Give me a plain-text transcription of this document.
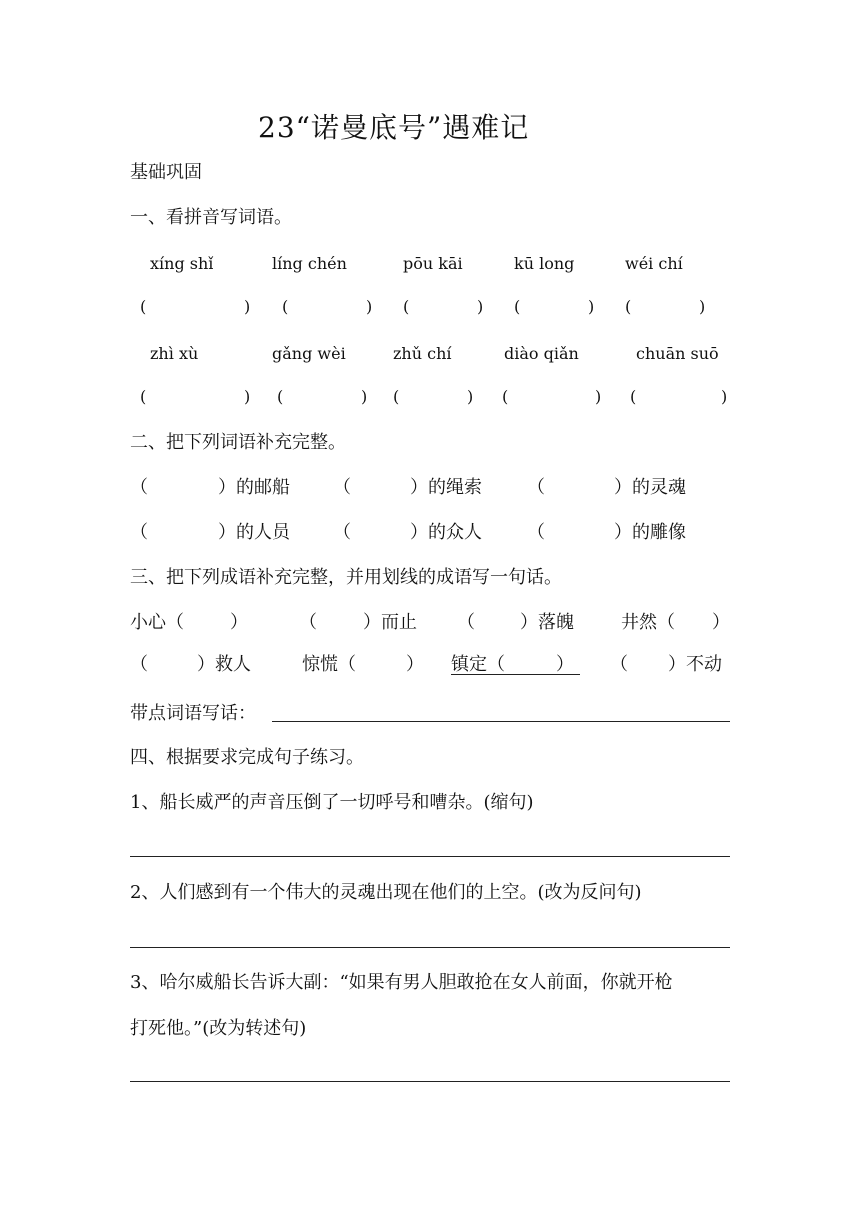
23“诺曼底号”遇难记
基础巩固
一、看拼音写词语。
xíng shǐ	líng chén	pōu kāi	kū long	wéi chí
(	) (	) (	) (	) (	)
zhì xù	gǎng wèi	zhǔ chí	diào qiǎn	chuān suō
(	) (	) (	) (	) (	)
二、把下列词语补充完整。
（	）的邮船 （	）的绳索	（	）的灵魂
（	）的人员 （	）的众人	（	）的雕像
三、把下列成语补充完整，并用划线的成语写一句话。
小心（	）	（	）而止 （	）落魄	井然（ ）
（	）救人	惊慌（	） 镇定（	） （ ）不动
带点词语写话：
四、根据要求完成句子练习。
1、船长威严的声音压倒了一切呼号和嘈杂。(缩句)
2、人们感到有一个伟大的灵魂出现在他们的上空。(改为反问句)
3、哈尔威船长告诉大副：“如果有男人胆敢抢在女人前面，你就开枪
打死他。”(改为转述句)
